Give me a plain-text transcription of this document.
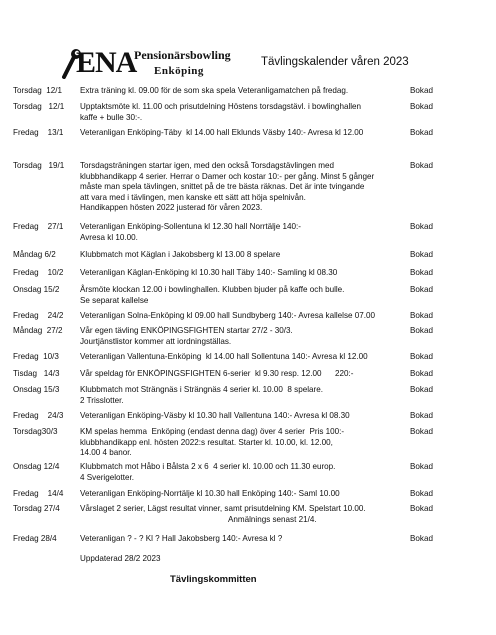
ENA
Pensionärsbowling
Enköping
Tävlingskalender våren 2023
Torsdag  12/1 Extra träning kl. 09.00 för de som ska spela Veteranligamatchen på fredag.	Bokad
Torsdag   12/1 Upptaktsmöte kl. 11.00 och prisutdelning Höstens torsdagstävl. i bowlinghallen
kaffe + bulle 30:-.
Bokad
Fredag    13/1 Veteranligan Enköping-Täby  kl 14.00 hall Eklunds Väsby 140:- Avresa kl 12.00	Bokad
Torsdag   19/1 Torsdagsträningen startar igen, med den också Torsdagstävlingen med
klubbhandikapp 4 serier. Herrar o Damer och kostar 10:- per gång. Minst 5 gånger
måste man spela tävlingen, snittet på de tre bästa räknas. Det är inte tvingande
att vara med i tävlingen, men kanske ett sätt att höja spelnivån.
Handikappen hösten 2022 justerad för våren 2023.
Bokad
Fredag    27/1 Veteranligan Enköping-Sollentuna kl 12.30 hall Norrtälje 140:-
Avresa kl 10.00.
Bokad
Måndag 6/2	Klubbmatch mot Käglan i Jakobsberg kl 13.00 8 spelare	Bokad
Fredag    10/2 Veteranligan Käglan-Enköping kl 10.30 hall Täby 140:- Samling kl 08.30	Bokad
Onsdag 15/2	Årsmöte klockan 12.00 i bowlinghallen. Klubben bjuder på kaffe och bulle.
Se separat kallelse
Bokad
Fredag    24/2 Veteranligan Solna-Enköping kl 09.00 hall Sundbyberg 140:- Avresa kallelse 07.00	Bokad
Måndag  27/2 Vår egen tävling ENKÖPINGSFIGHTEN startar 27/2 - 30/3.
Jourtjänstlistor kommer att iordningställas.
Bokad
Fredag  10/3	Veteranligan Vallentuna-Enköping  kl 14.00 hall Sollentuna 140:- Avresa kl 12.00	Bokad
Tisdag   14/3	Vår speldag för ENKÖPINGSFIGHTEN 6-serier  kl 9.30 resp. 12.00      220:-	Bokad
Onsdag 15/3	Klubbmatch mot Strängnäs i Strängnäs 4 serier kl. 10.00  8 spelare.
2 Trisslotter.
Bokad
Fredag    24/3 Veteranligan Enköping-Väsby kl 10.30 hall Vallentuna 140:- Avresa kl 08.30	Bokad
Torsdag30/3	KM spelas hemma  Enköping (endast denna dag) över 4 serier  Pris 100:-
klubbhandikapp enl. hösten 2022:s resultat. Starter kl. 10.00, kl. 12.00,
14.00 4 banor.
Bokad
Onsdag 12/4	Klubbmatch mot Håbo i Bålsta 2 x 6  4 serier kl. 10.00 och 11.30 europ.
4 Sverigelotter.
Bokad
Fredag    14/4 Veteranligan Enköping-Norrtälje kl 10.30 hall Enköping 140:- Saml 10.00	Bokad
Torsdag 27/4 Vårslaget 2 serier, Lägst resultat vinner, samt prisutdelning KM. Spelstart 10.00.
Anmälnings senast 21/4.
Bokad
Fredag 28/4	Veteranligan ? - ? Kl ? Hall Jakobsberg 140:- Avresa kl ?	Bokad
Uppdaterad 28/2 2023
Tävlingskommitten
